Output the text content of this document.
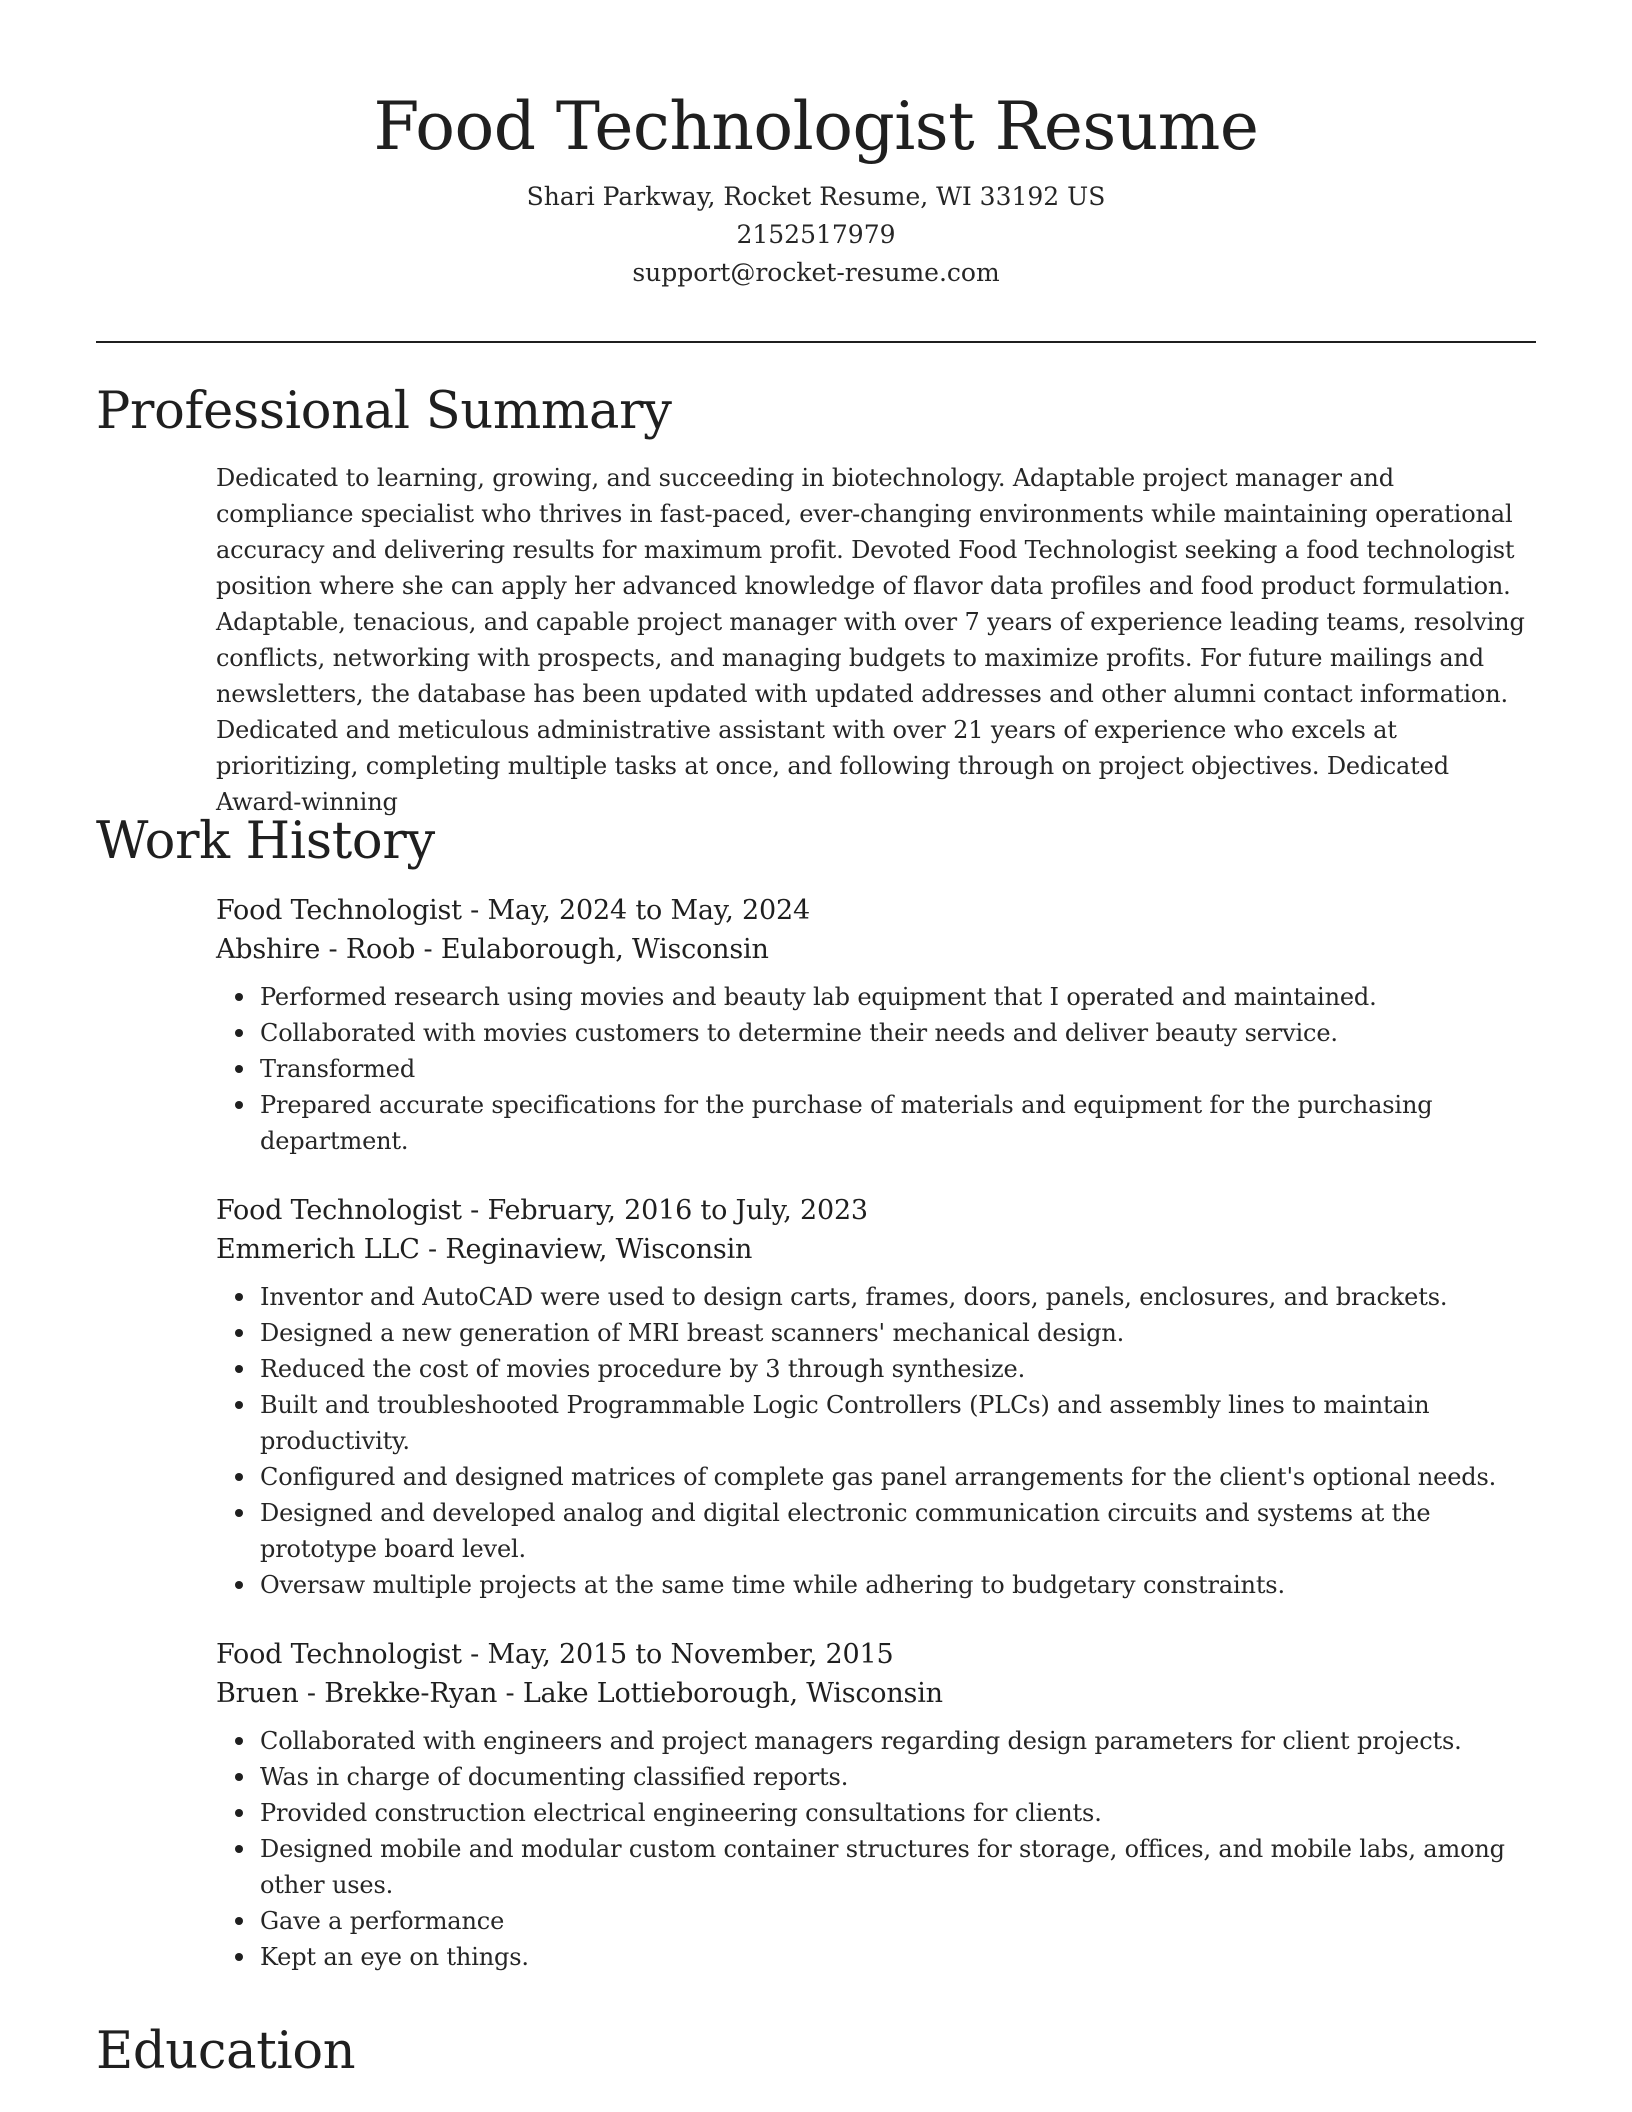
Food Technologist Resume
Shari Parkway, Rocket Resume, WI 33192 US
2152517979
support@rocket-resume.com
Professional Summary

Dedicated to learning, growing, and succeeding in biotechnology. Adaptable project manager and compliance specialist who thrives in fast-paced, ever-changing environments while maintaining operational accuracy and delivering results for maximum profit. Devoted Food Technologist seeking a food technologist position where she can apply her advanced knowledge of flavor data profiles and food product formulation. Adaptable, tenacious, and capable project manager with over 7 years of experience leading teams, resolving conflicts, networking with prospects, and managing budgets to maximize profits. For future mailings and newsletters, the database has been updated with updated addresses and other alumni contact information. Dedicated and meticulous administrative assistant with over 21 years of experience who excels at prioritizing, completing multiple tasks at once, and following through on project objectives. Dedicated Award-winning

Work History
Food Technologist - May, 2024 to May, 2024
Abshire - Roob - Eulaborough, Wisconsin
Performed research using movies and beauty lab equipment that I operated and maintained.
Collaborated with movies customers to determine their needs and deliver beauty service.
Transformed
Prepared accurate specifications for the purchase of materials and equipment for the purchasing department.
Food Technologist - February, 2016 to July, 2023
Emmerich LLC - Reginaview, Wisconsin
Inventor and AutoCAD were used to design carts, frames, doors, panels, enclosures, and brackets.
Designed a new generation of MRI breast scanners' mechanical design.
Reduced the cost of movies procedure by 3 through synthesize.
Built and troubleshooted Programmable Logic Controllers (PLCs) and assembly lines to maintain productivity.
Configured and designed matrices of complete gas panel arrangements for the client's optional needs.
Designed and developed analog and digital electronic communication circuits and systems at the prototype board level.
Oversaw multiple projects at the same time while adhering to budgetary constraints.
Food Technologist - May, 2015 to November, 2015
Bruen - Brekke-Ryan - Lake Lottieborough, Wisconsin
Collaborated with engineers and project managers regarding design parameters for client projects.
Was in charge of documenting classified reports.
Provided construction electrical engineering consultations for clients.
Designed mobile and modular custom container structures for storage, offices, and mobile labs, among other uses.
Gave a performance
Kept an eye on things.
Education
